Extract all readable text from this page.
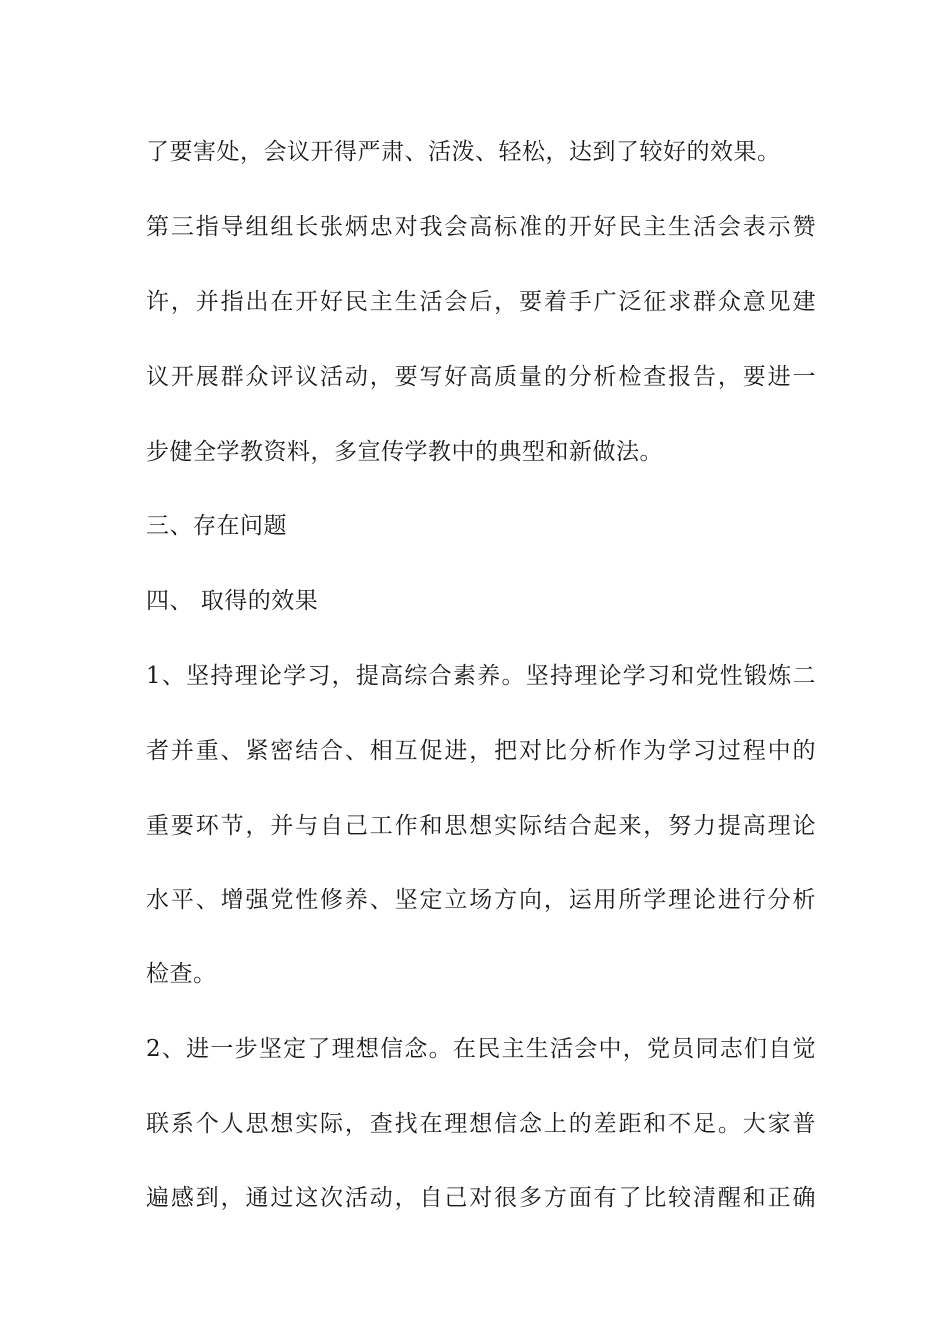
了要害处，会议开得严肃、活泼、轻松，达到了较好的效果。
第三指导组组长张炳忠对我会高标准的开好民主生活会表示赞
许，并指出在开好民主生活会后，要着手广泛征求群众意见建
议开展群众评议活动，要写好高质量的分析检查报告，要进一
步健全学教资料，多宣传学教中的典型和新做法。
三、存在问题
四、 取得的效果
1、坚持理论学习，提高综合素养。坚持理论学习和党性锻炼二
者并重、紧密结合、相互促进，把对比分析作为学习过程中的
重要环节，并与自己工作和思想实际结合起来，努力提高理论
水平、增强党性修养、坚定立场方向，运用所学理论进行分析
检查。
2、进一步坚定了理想信念。在民主生活会中，党员同志们自觉
联系个人思想实际，查找在理想信念上的差距和不足。大家普
遍感到，通过这次活动，自己对很多方面有了比较清醒和正确
